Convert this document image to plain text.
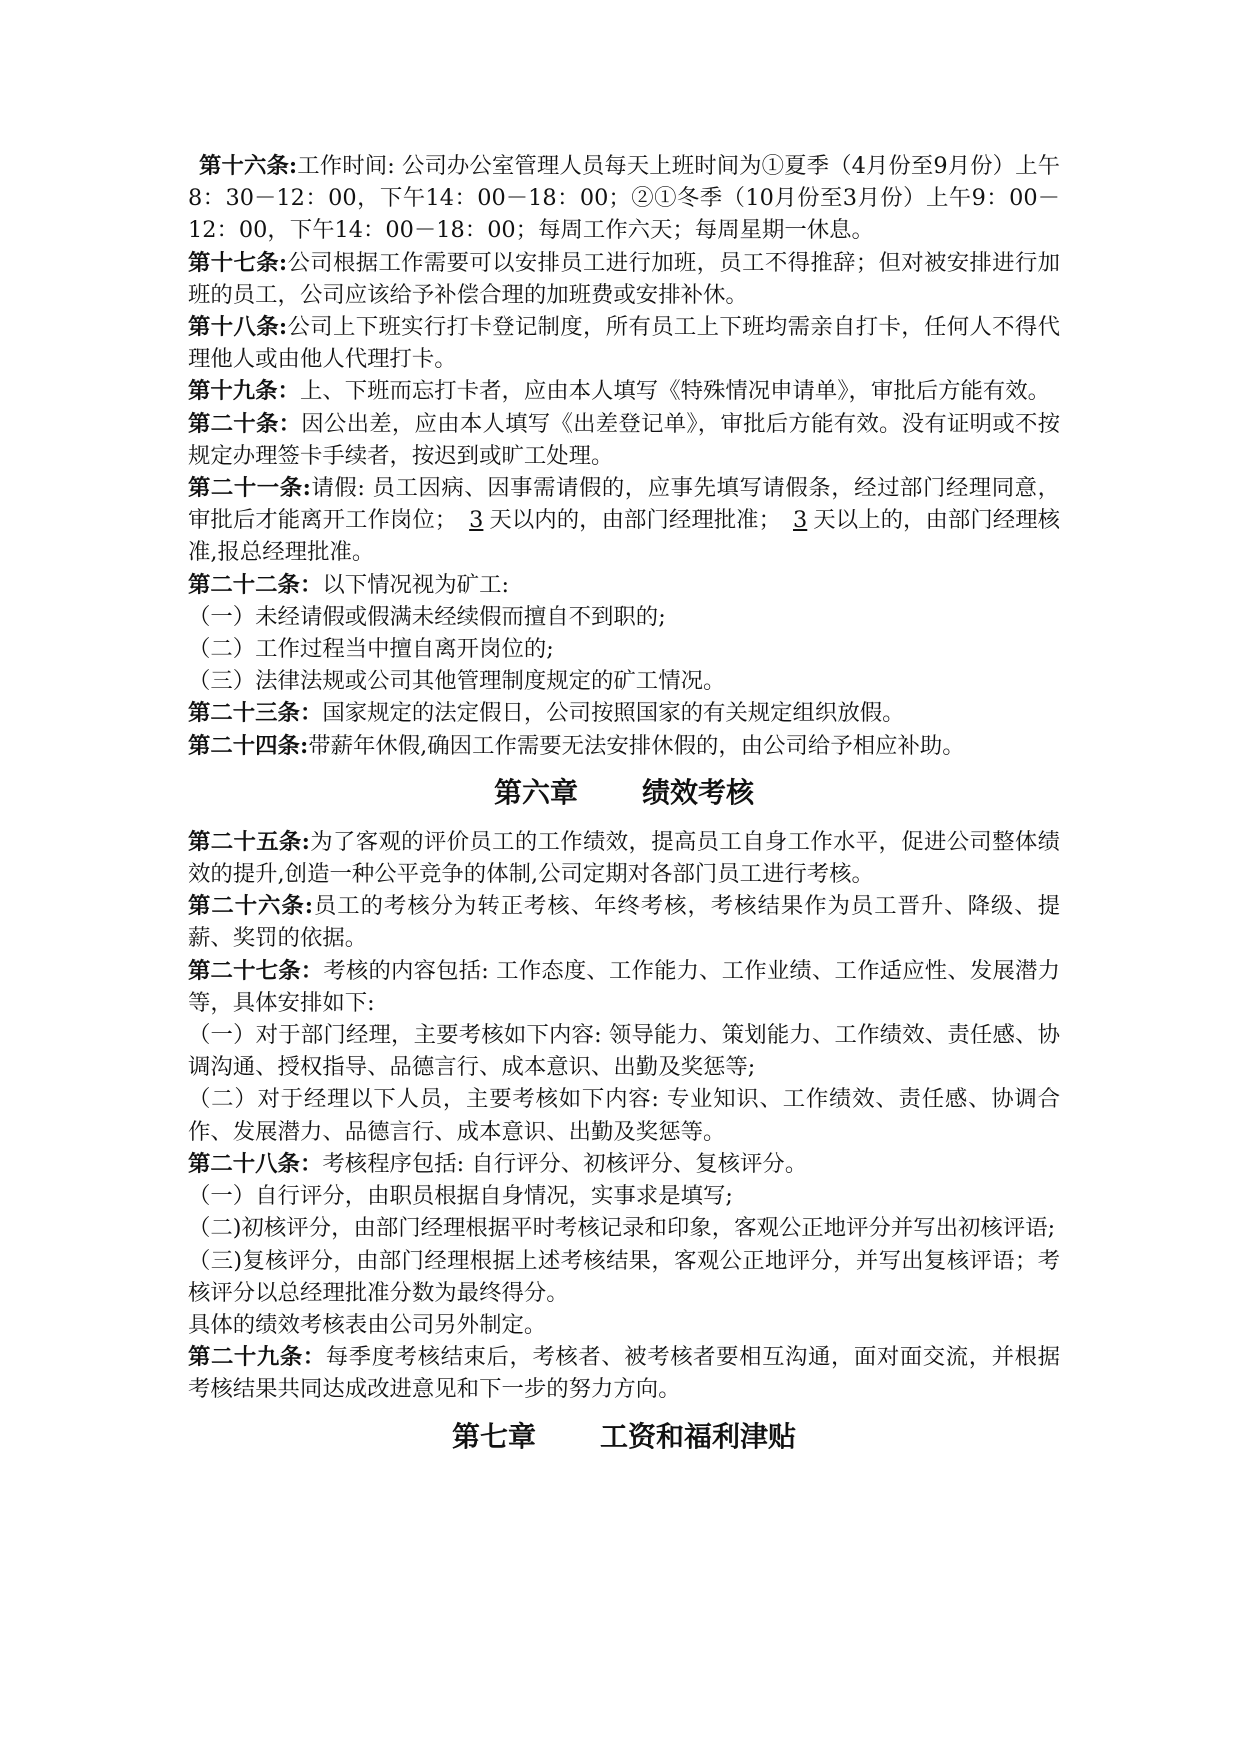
第十六条:工作时间: 公司办公室管理人员每天上班时间为①夏季（4月份至9月份）上午8：30－12：00，下午14：00－18：00；②①冬季（10月份至3月份）上午9：00－12：00，下午14：00－18：00；每周工作六天；每周星期一休息。

第十七条:公司根据工作需要可以安排员工进行加班，员工不得推辞；但对被安排进行加班的员工，公司应该给予补偿合理的加班费或安排补休。

第十八条:公司上下班实行打卡登记制度，所有员工上下班均需亲自打卡，任何人不得代理他人或由他人代理打卡。

第十九条：上、下班而忘打卡者，应由本人填写《特殊情况申请单》，审批后方能有效。

第二十条：因公出差，应由本人填写《出差登记单》，审批后方能有效。没有证明或不按规定办理签卡手续者，按迟到或旷工处理。

第二十一条:请假: 员工因病、因事需请假的，应事先填写请假条，经过部门经理同意，审批后才能离开工作岗位； 3 天以内的，由部门经理批准； 3 天以上的，由部门经理核准,报总经理批准。

第二十二条：以下情况视为矿工:

（一）未经请假或假满未经续假而擅自不到职的;

（二）工作过程当中擅自离开岗位的;

（三）法律法规或公司其他管理制度规定的矿工情况。

第二十三条：国家规定的法定假日，公司按照国家的有关规定组织放假。

第二十四条:带薪年休假,确因工作需要无法安排休假的，由公司给予相应补助。

第六章 绩效考核

第二十五条:为了客观的评价员工的工作绩效，提高员工自身工作水平，促进公司整体绩效的提升,创造一种公平竞争的体制,公司定期对各部门员工进行考核。

第二十六条:员工的考核分为转正考核、年终考核，考核结果作为员工晋升、降级、提薪、奖罚的依据。

第二十七条：考核的内容包括: 工作态度、工作能力、工作业绩、工作适应性、发展潜力等，具体安排如下:

（一）对于部门经理，主要考核如下内容: 领导能力、策划能力、工作绩效、责任感、协调沟通、授权指导、品德言行、成本意识、出勤及奖惩等;

（二）对于经理以下人员，主要考核如下内容: 专业知识、工作绩效、责任感、协调合作、发展潜力、品德言行、成本意识、出勤及奖惩等。

第二十八条：考核程序包括: 自行评分、初核评分、复核评分。

（一）自行评分，由职员根据自身情况，实事求是填写;

（二)初核评分，由部门经理根据平时考核记录和印象，客观公正地评分并写出初核评语;

（三)复核评分，由部门经理根据上述考核结果，客观公正地评分，并写出复核评语；考核评分以总经理批准分数为最终得分。

具体的绩效考核表由公司另外制定。

第二十九条：每季度考核结束后，考核者、被考核者要相互沟通，面对面交流，并根据考核结果共同达成改进意见和下一步的努力方向。

第七章 工资和福利津贴
